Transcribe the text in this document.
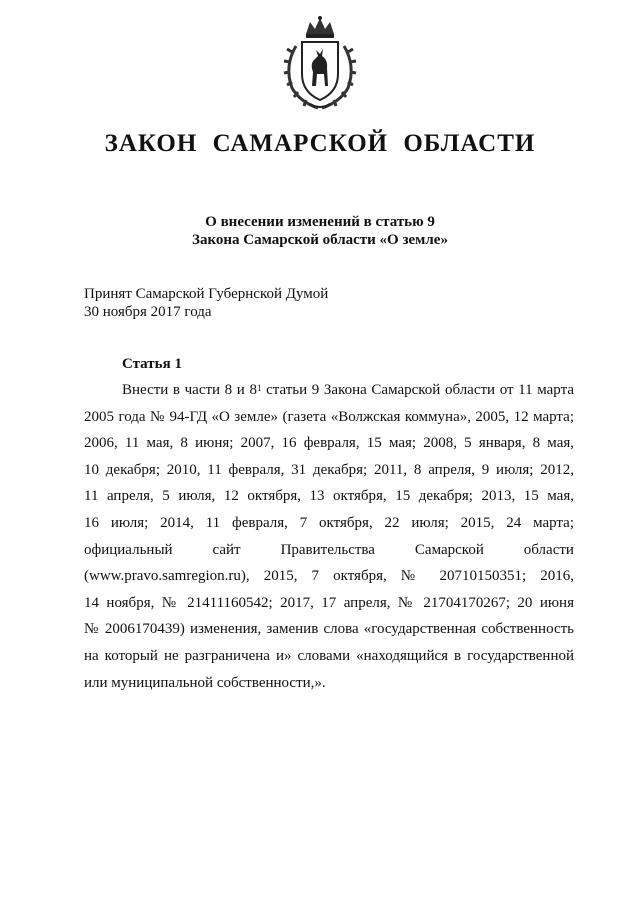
ЗАКОН САМАРСКОЙ ОБЛАСТИ
О внесении изменений в статью 9
Закона Самарской области «О земле»
Принят Самарской Губернской Думой
30 ноября 2017 года
Статья 1
Внести в части 8 и $8^1$ статьи 9 Закона Самарской области от 11 марта
2005 года № 94-ГД «О земле» (газета «Волжская коммуна», 2005, 12 марта;
2006, 11 мая, 8 июня; 2007, 16 февраля, 15 мая; 2008, 5 января, 8 мая,
10 декабря; 2010, 11 февраля, 31 декабря; 2011, 8 апреля, 9 июля; 2012,
11 апреля, 5 июля, 12 октября, 13 октября, 15 декабря; 2013, 15 мая,
16 июля; 2014, 11 февраля, 7 октября, 22 июля; 2015, 24 марта;
официальный	сайт	Правительства	Самарской	области
(www.pravo.samregion.ru), 2015, 7 октября, № 20710150351; 2016,
14 ноября, № 21411160542; 2017, 17 апреля, № 21704170267; 20 июня
№ 2006170439) изменения, заменив слова «государственная собственность
на который не разграничена и» словами «находящийся в государственной
или муниципальной собственности,».
